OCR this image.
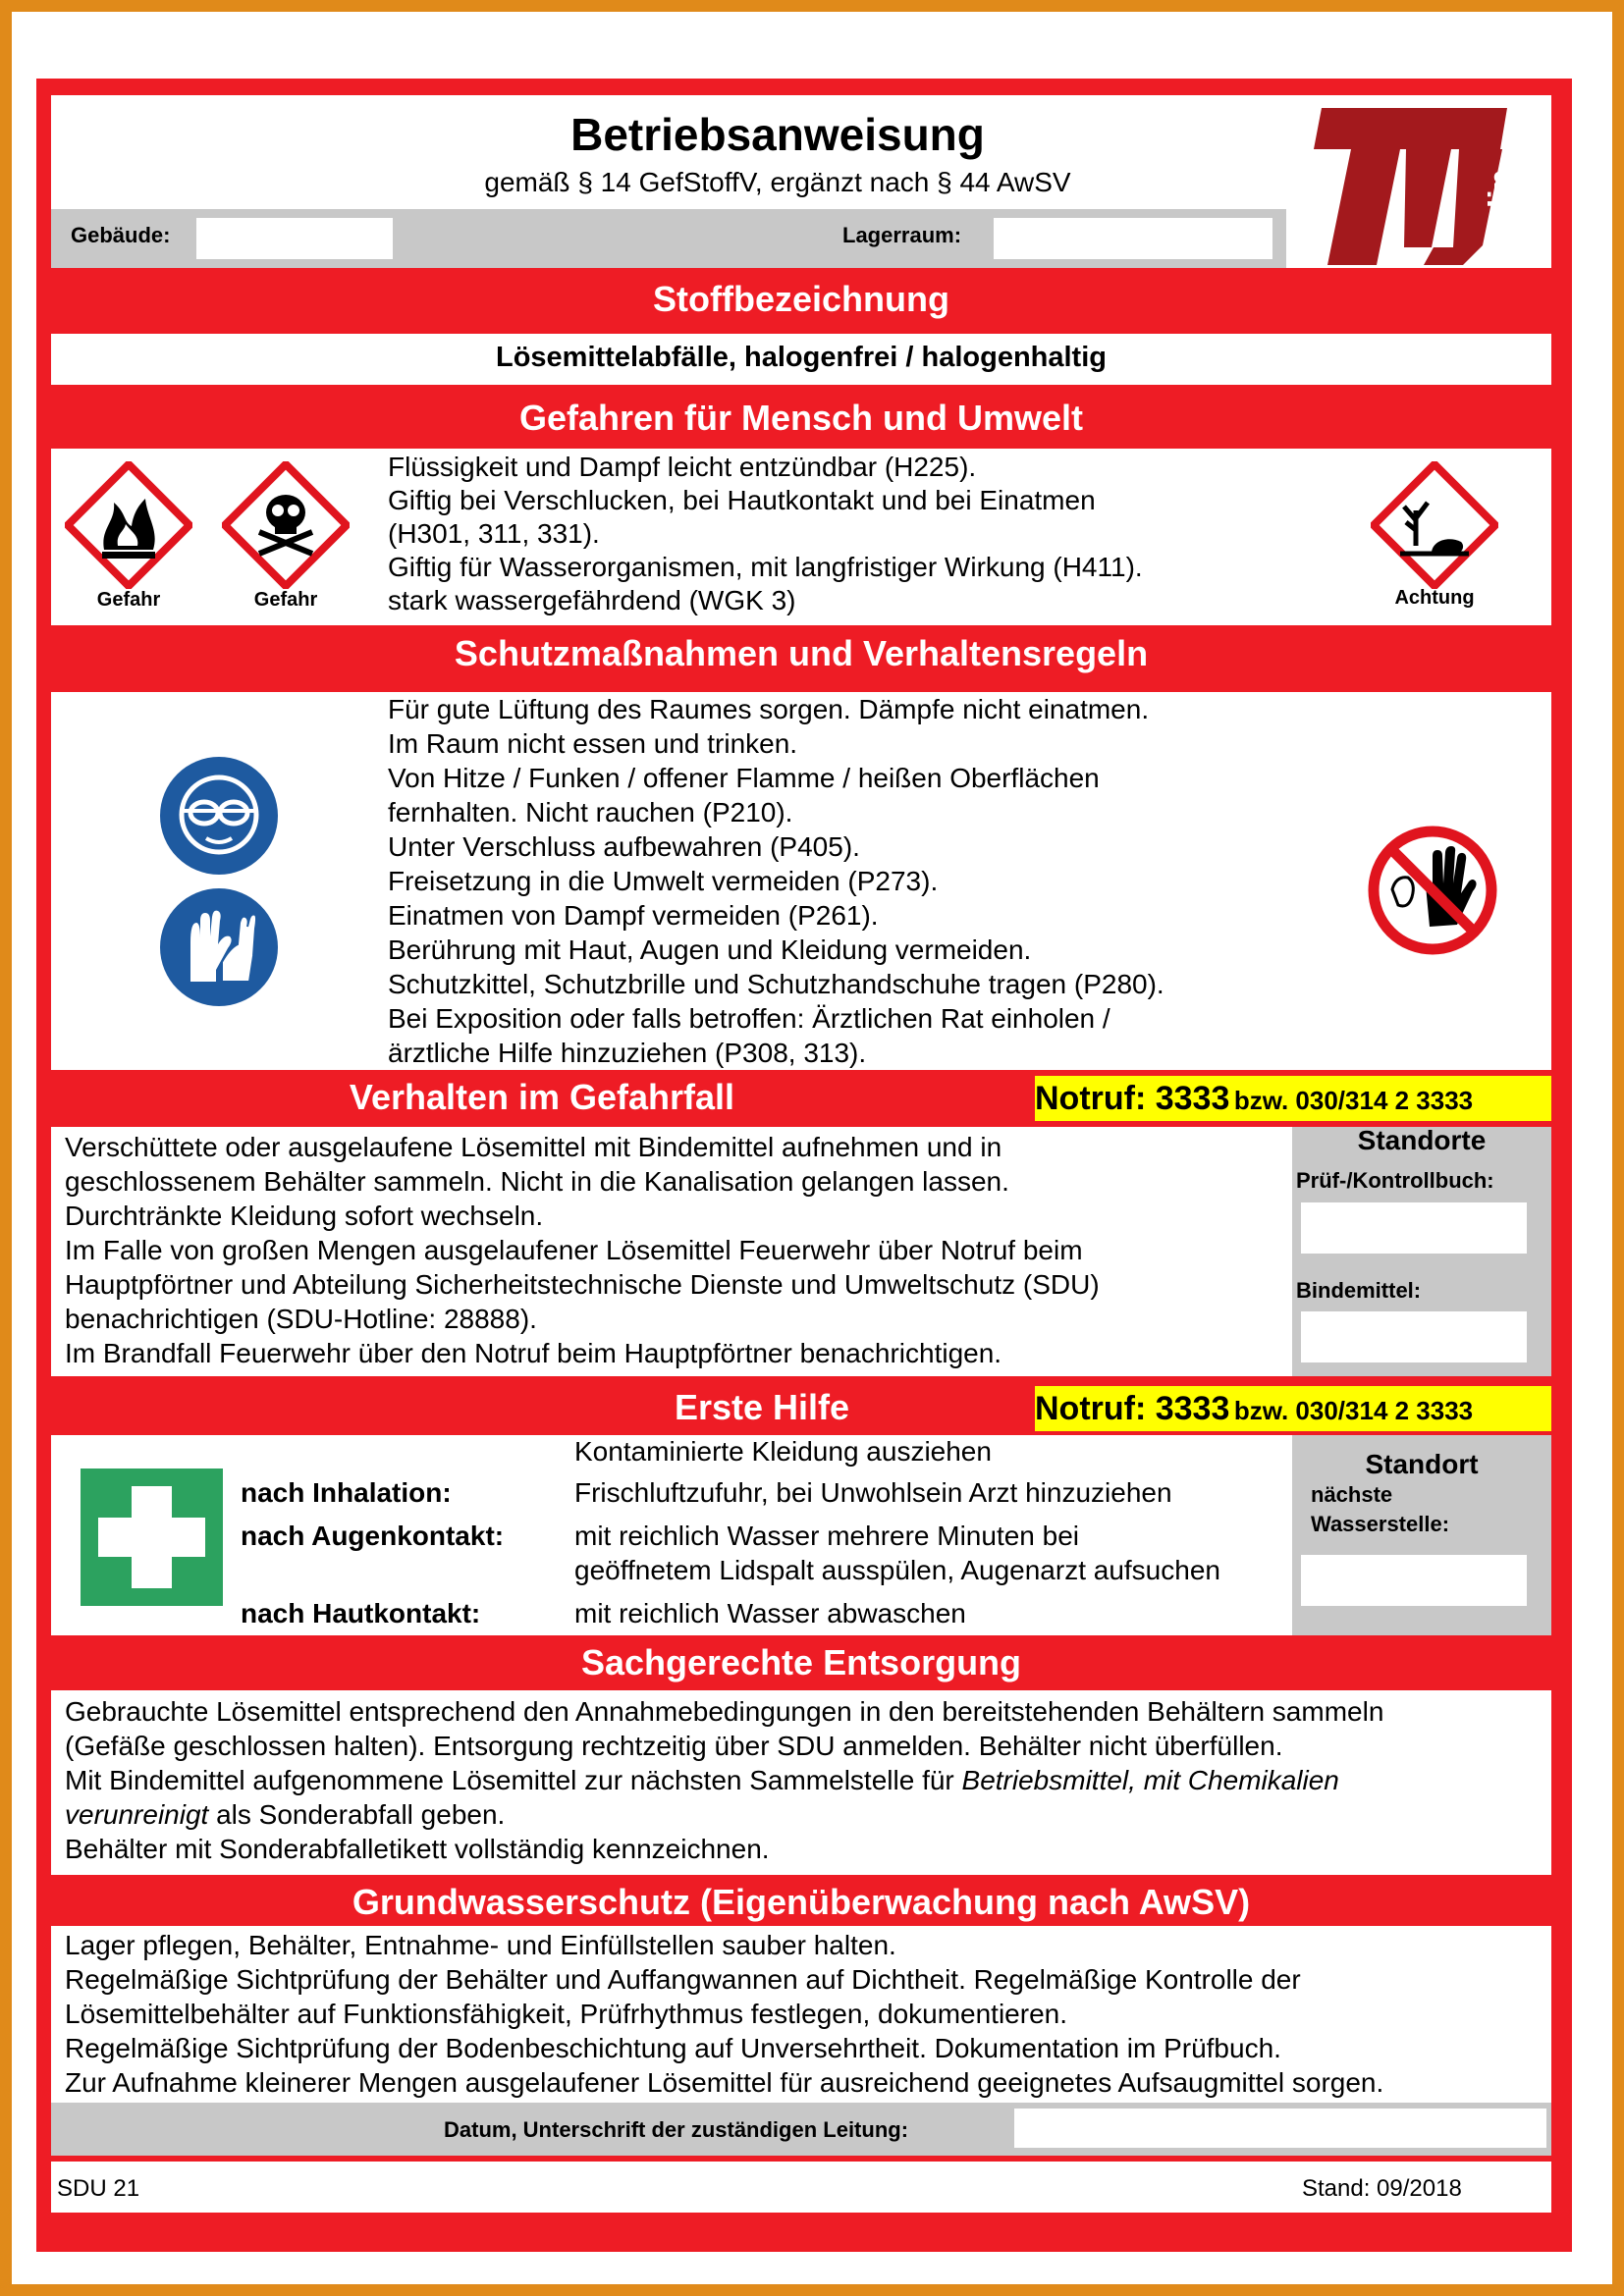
Betriebsanweisung
gemäß § 14 GefStoffV, ergänzt nach § 44 AwSV
Gebäude:	Lagerraum:	berlin
Stoffbezeichnung
Lösemittelabfälle, halogenfrei / halogenhaltig
Gefahren für Mensch und Umwelt
Gefahr	Gefahr
Flüssigkeit und Dampf leicht entzündbar (H225).
Giftig bei Verschlucken, bei Hautkontakt und bei Einatmen
(H301, 311, 331).
Giftig für Wasserorganismen, mit langfristiger Wirkung (H411).
stark wassergefährdend (WGK 3)	Achtung
Schutzmaßnahmen und Verhaltensregeln
Für gute Lüftung des Raumes sorgen. Dämpfe nicht einatmen.
Im Raum nicht essen und trinken.
Von Hitze / Funken / offener Flamme / heißen Oberflächen
fernhalten. Nicht rauchen (P210).
Unter Verschluss aufbewahren (P405).
Freisetzung in die Umwelt vermeiden (P273).
Einatmen von Dampf vermeiden (P261).
Berührung mit Haut, Augen und Kleidung vermeiden.
Schutzkittel, Schutzbrille und Schutzhandschuhe tragen (P280).
Bei Exposition oder falls betroffen: Ärztlichen Rat einholen /
ärztliche Hilfe hinzuziehen (P308, 313).
Verhalten im Gefahrfall	Notruf: 3333 bzw. 030/314 2 3333
Verschüttete oder ausgelaufene Lösemittel mit Bindemittel aufnehmen und in
geschlossenem Behälter sammeln. Nicht in die Kanalisation gelangen lassen.
Durchtränkte Kleidung sofort wechseln.
Im Falle von großen Mengen ausgelaufener Lösemittel Feuerwehr über Notruf beim
Hauptpförtner und Abteilung Sicherheitstechnische Dienste und Umweltschutz (SDU)
benachrichtigen (SDU-Hotline: 28888).
Im Brandfall Feuerwehr über den Notruf beim Hauptpförtner benachrichtigen.
Standorte
Prüf-/Kontrollbuch:
Bindemittel:
Erste Hilfe	Notruf: 3333 bzw. 030/314 2 3333
Kontaminierte Kleidung ausziehen
nach Inhalation:	Frischluftzufuhr, bei Unwohlsein Arzt hinzuziehen
nach Augenkontakt:	mit reichlich Wasser mehrere Minuten bei
geöffnetem Lidspalt ausspülen, Augenarzt aufsuchen
nach Hautkontakt:	mit reichlich Wasser abwaschen
Standort
nächste
Wasserstelle:
Sachgerechte Entsorgung
Gebrauchte Lösemittel entsprechend den Annahmebedingungen in den bereitstehenden Behältern sammeln
(Gefäße geschlossen halten). Entsorgung rechtzeitig über SDU anmelden. Behälter nicht überfüllen.
Mit Bindemittel aufgenommene Lösemittel zur nächsten Sammelstelle für Betriebsmittel, mit Chemikalien
verunreinigt als Sonderabfall geben.
Behälter mit Sonderabfalletikett vollständig kennzeichnen.
Grundwasserschutz (Eigenüberwachung nach AwSV)
Lager pflegen, Behälter, Entnahme- und Einfüllstellen sauber halten.
Regelmäßige Sichtprüfung der Behälter und Auffangwannen auf Dichtheit. Regelmäßige Kontrolle der
Lösemittelbehälter auf Funktionsfähigkeit, Prüfrhythmus festlegen, dokumentieren.
Regelmäßige Sichtprüfung der Bodenbeschichtung auf Unversehrtheit. Dokumentation im Prüfbuch.
Zur Aufnahme kleinerer Mengen ausgelaufener Lösemittel für ausreichend geeignetes Aufsaugmittel sorgen.
Datum, Unterschrift der zuständigen Leitung:
SDU 21	Stand: 09/2018
